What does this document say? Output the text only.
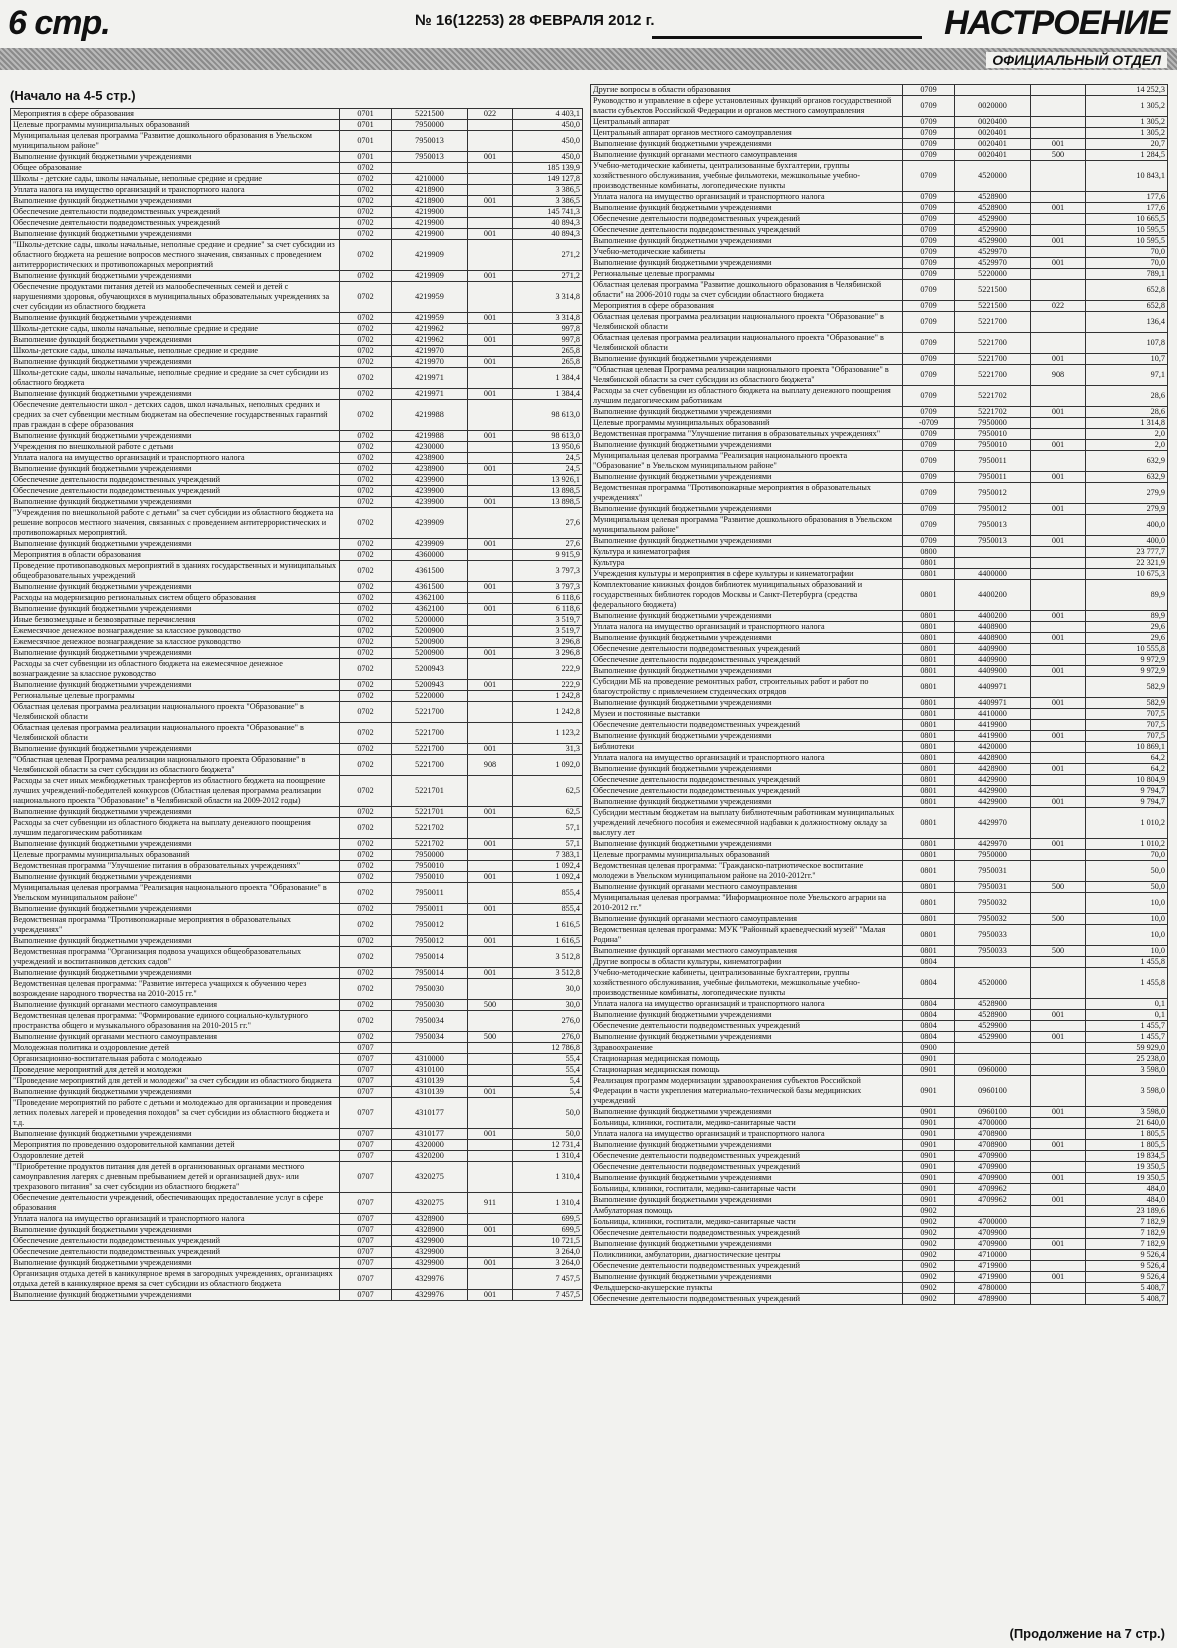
6 стр.	№ 16(12253) 28 ФЕВРАЛЯ 2012 г.	НАСТРОЕНИЕ
ОФИЦИАЛЬНЫЙ ОТДЕЛ
(Начало на 4-5 стр.)
Мероприятия в сфере образования	0701	5221500	022	4 403,1
Целевые программы муниципальных образований	0701	7950000		450,0
Муниципальная целевая программа "Развитие дошкольного образования в Увельском муниципальном районе"	0701	7950013		450,0
Выполнение функций бюджетными учреждениями	0701	7950013	001	450,0
Общее образование	0702			185 139,9
Школы - детские сады, школы начальные, неполные средние и средние	0702	4210000		149 127,8
Уплата налога на имущество организаций и транспортного налога	0702	4218900		3 386,5
Выполнение функций бюджетными учреждениями	0702	4218900	001	3 386,5
Обеспечение деятельности подведомственных учреждений	0702	4219900		145 741,3
Обеспечение деятельности подведомственных учреждений	0702	4219900		40 894,3
Выполнение функций бюджетными учреждениями	0702	4219900	001	40 894,3
"Школы-детские сады, школы начальные, неполные средние и средние" за счет субсидии из областного бюджета на решение вопросов местного значения, связанных с проведением антитеррористических и противопожарных мероприятий	0702	4219909		271,2
Выполнение функций бюджетными учреждениями	0702	4219909	001	271,2
Обеспечение продуктами питания детей из малообеспеченных семей и детей с нарушениями здоровья, обучающихся в муниципальных образовательных учреждениях за счет субсидии из областного бюджета	0702	4219959		3 314,8
Выполнение функций бюджетными учреждениями	0702	4219959	001	3 314,8
Школы-детские сады, школы начальные, неполные средние и средние	0702	4219962		997,8
Выполнение функций бюджетными учреждениями	0702	4219962	001	997,8
Школы-детские сады, школы начальные, неполные средние и средние	0702	4219970		265,8
Выполнение функций бюджетными учреждениями	0702	4219970	001	265,8
Школы-детские сады, школы начальные, неполные средние и средние за счет субсидии из областного бюджета	0702	4219971		1 384,4
Выполнение функций бюджетными учреждениями	0702	4219971	001	1 384,4
Обеспечение деятельности школ - детских садов, школ начальных, неполных средних и средних за счет субвенции местным бюджетам на обеспечение государственных гарантий прав граждан в сфере образования	0702	4219988		98 613,0
Выполнение функций бюджетными учреждениями	0702	4219988	001	98 613,0
Учреждения по внешкольной работе с детьми	0702	4230000		13 950,6
Уплата налога на имущество организаций и транспортного налога	0702	4238900		24,5
Выполнение функций бюджетными учреждениями	0702	4238900	001	24,5
Обеспечение деятельности подведомственных учреждений	0702	4239900		13 926,1
Обеспечение деятельности подведомственных учреждений	0702	4239900		13 898,5
Выполнение функций бюджетными учреждениями	0702	4239900	001	13 898,5
"Учреждения по внешкольной работе с детьми" за счет субсидии из областного бюджета на решение вопросов местного значения, связанных с проведением антитеррористических и противопожарных мероприятий.	0702	4239909		27,6
Выполнение функций бюджетными учреждениями	0702	4239909	001	27,6
Мероприятия в области образования	0702	4360000		9 915,9
Проведение противопаводковых мероприятий в зданиях государственных и муниципальных общеобразовательных учреждений	0702	4361500		3 797,3
Выполнение функций бюджетными учреждениями	0702	4361500	001	3 797,3
Расходы на модернизацию региональных систем общего образования	0702	4362100		6 118,6
Выполнение функций бюджетными учреждениями	0702	4362100	001	6 118,6
Иные безвозмездные и безвозвратные перечисления	0702	5200000		3 519,7
Ежемесячное денежное вознаграждение за классное руководство	0702	5200900		3 519,7
Ежемесячное денежное вознаграждение за классное руководство	0702	5200900		3 296,8
Выполнение функций бюджетными учреждениями	0702	5200900	001	3 296,8
Расходы за счет субвенции из областного бюджета на ежемесячное денежное вознаграждение за классное руководство	0702	5200943		222,9
Выполнение функций бюджетными учреждениями	0702	5200943	001	222,9
Региональные целевые программы	0702	5220000		1 242,8
Областная целевая программа реализации национального проекта "Образование" в Челябинской области	0702	5221700		1 242,8
Областная целевая программа реализации национального проекта "Образование" в Челябинской области	0702	5221700		1 123,2
Выполнение функций бюджетными учреждениями	0702	5221700	001	31,3
"Областная целевая Программа реализации национального проекта Образование" в Челябинской области за счет субсидии из областного бюджета"	0702	5221700	908	1 092,0
Расходы за счет иных межбюджетных трансфертов из областного бюджета на поощрение лучших учреждений-победителей конкурсов (Областная целевая программа реализации национального проекта "Образование" в Челябинской области на 2009-2012 годы)	0702	5221701		62,5
Выполнение функций бюджетными учреждениями	0702	5221701	001	62,5
Расходы за счет субвенции из областного бюджета на выплату денежного поощрения лучшим педагогическим работникам	0702	5221702		57,1
Выполнение функций бюджетными учреждениями	0702	5221702	001	57,1
Целевые программы муниципальных образований	0702	7950000		7 383,1
Ведомственная программа "Улучшение питания в образовательных учреждениях"	0702	7950010		1 092,4
Выполнение функций бюджетными учреждениями	0702	7950010	001	1 092,4
Муниципальная целевая программа "Реализация национального проекта "Образование" в Увельском муниципальном районе"	0702	7950011		855,4
Выполнение функций бюджетными учреждениями	0702	7950011	001	855,4
Ведомственная программа "Противопожарные мероприятия в образовательных учреждениях"	0702	7950012		1 616,5
Выполнение функций бюджетными учреждениями	0702	7950012	001	1 616,5
Ведомственная программа "Организация подвоза учащихся общеобразовательных учреждений и воспитанников детских садов"	0702	7950014		3 512,8
Выполнение функций бюджетными учреждениями	0702	7950014	001	3 512,8
Ведомственная целевая программа: "Развитие интереса учащихся к обучению через возрождение народного творчества на 2010-2015 гг."	0702	7950030		30,0
Выполнение функций органами местного самоуправления	0702	7950030	500	30,0
Ведомственная целевая программа: "Формирование единого социально-культурного пространства общего и музыкального образования на 2010-2015 гг."	0702	7950034		276,0
Выполнение функций органами местного самоуправления	0702	7950034	500	276,0
Молодежная политика и оздоровление детей	0707			12 786,8
Организационно-воспитательная работа с молодежью	0707	4310000		55,4
Проведение мероприятий для детей и молодежи	0707	4310100		55,4
"Проведение мероприятий для детей и молодежи" за счет субсидии из областного бюджета	0707	4310139		5,4
Выполнение функций бюджетными учреждениями	0707	4310139	001	5,4
"Проведение мероприятий по работе с детьми и молодежью для организации и проведения летних полевых лагерей и проведения походов" за счет субсидии из областного бюджета и т.д.	0707	4310177		50,0
Выполнение функций бюджетными учреждениями	0707	4310177	001	50,0
Мероприятия по проведению оздоровительной кампании детей	0707	4320000		12 731,4
Оздоровление детей	0707	4320200		1 310,4
"Приобретение продуктов питания для детей в организованных органами местного самоуправления лагерях с дневным пребыванием детей и организацией двух- или трехразового питания" за счет субсидии из областного бюджета"	0707	4320275		1 310,4
Обеспечение деятельности учреждений, обеспечивающих предоставление услуг в сфере образования	0707	4320275	911	1 310,4
Уплата налога на имущество организаций и транспортного налога	0707	4328900		699,5
Выполнение функций бюджетными учреждениями	0707	4328900	001	699,5
Обеспечение деятельности подведомственных учреждений	0707	4329900		10 721,5
Обеспечение деятельности подведомственных учреждений	0707	4329900		3 264,0
Выполнение функций бюджетными учреждениями	0707	4329900	001	3 264,0
Организация отдыха детей в каникулярное время в загородных учреждениях, организациях отдыха детей в каникулярное время за счет субсидии из областного бюджета	0707	4329976		7 457,5
Выполнение функций бюджетными учреждениями	0707	4329976	001	7 457,5
Другие вопросы в области образования	0709			14 252,3
Руководство и управление в сфере установленных функций органов государственной власти субъектов Российской Федерации и органов местного самоуправления	0709	0020000		1 305,2
Центральный аппарат	0709	0020400		1 305,2
Центральный аппарат органов местного самоуправления	0709	0020401		1 305,2
Выполнение функций бюджетными учреждениями	0709	0020401	001	20,7
Выполнение функций органами местного самоуправления	0709	0020401	500	1 284,5
Учебно-методические кабинеты, централизованные бухгалтерии, группы хозяйственного обслуживания, учебные фильмотеки, межшкольные учебно-производственные комбинаты, логопедические пункты	0709	4520000		10 843,1
Уплата налога на имущество организаций и транспортного налога	0709	4528900		177,6
Выполнение функций бюджетными учреждениями	0709	4528900	001	177,6
Обеспечение деятельности подведомственных учреждений	0709	4529900		10 665,5
Обеспечение деятельности подведомственных учреждений	0709	4529900		10 595,5
Выполнение функций бюджетными учреждениями	0709	4529900	001	10 595,5
Учебно-методические кабинеты	0709	4529970		70,0
Выполнение функций бюджетными учреждениями	0709	4529970	001	70,0
Региональные целевые программы	0709	5220000		789,1
Областная целевая программа "Развитие дошкольного образования в Челябинской области" на 2006-2010 годы за счет субсидии областного бюджета	0709	5221500		652,8
Мероприятия в сфере образования	0709	5221500	022	652,8
Областная целевая программа реализации национального проекта "Образование" в Челябинской области	0709	5221700		136,4
Областная целевая программа реализации национального проекта "Образование" в Челябинской области	0709	5221700		107,8
Выполнение функций бюджетными учреждениями	0709	5221700	001	10,7
"Областная целевая Программа реализации национального проекта "Образование" в Челябинской области за счет субсидии из областного бюджета"	0709	5221700	908	97,1
Расходы за счет субвенции из областного бюджета на выплату денежного поощрения лучшим педагогическим работникам	0709	5221702		28,6
Выполнение функций бюджетными учреждениями	0709	5221702	001	28,6
Целевые программы муниципальных образований	-0709	7950000		1 314,8
Ведомственная программа "Улучшение питания в образовательных учреждениях"	0709	7950010		2,0
Выполнение функций бюджетными учреждениями	0709	7950010	001	2,0
Муниципальная целевая программа "Реализация национального проекта "Образование" в Увельском муниципальном районе"	0709	7950011		632,9
Выполнение функций бюджетными учреждениями	0709	7950011	001	632,9
Ведомственная программа "Противопожарные мероприятия в образовательных учреждениях"	0709	7950012		279,9
Выполнение функций бюджетными учреждениями	0709	7950012	001	279,9
Муниципальная целевая программа "Развитие дошкольного образования в Увельском муниципальном районе"	0709	7950013		400,0
Выполнение функций бюджетными учреждениями	0709	7950013	001	400,0
Культура и кинематография	0800			23 777,7
Культура	0801			22 321,9
Учреждения культуры и мероприятия в сфере культуры и кинематографии	0801	4400000		10 675,3
Комплектование книжных фондов библиотек муниципальных образований и государственных библиотек городов Москвы и Санкт-Петербурга (средства федерального бюджета)	0801	4400200		89,9
Выполнение функций бюджетными учреждениями	0801	4400200	001	89,9
Уплата налога на имущество организаций и транспортного налога	0801	4408900		29,6
Выполнение функций бюджетными учреждениями	0801	4408900	001	29,6
Обеспечение деятельности подведомственных учреждений	0801	4409900		10 555,8
Обеспечение деятельности подведомственных учреждений	0801	4409900		9 972,9
Выполнение функций бюджетными учреждениями	0801	4409900	001	9 972,9
Субсидии МБ на проведение ремонтных работ, строительных работ и работ по благоустройству с привлечением студенческих отрядов	0801	4409971		582,9
Выполнение функций бюджетными учреждениями	0801	4409971	001	582,9
Музеи и постоянные выставки	0801	4410000		707,5
Обеспечение деятельности подведомственных учреждений	0801	4419900		707,5
Выполнение функций бюджетными учреждениями	0801	4419900	001	707,5
Библиотеки	0801	4420000		10 869,1
Уплата налога на имущество организаций и транспортного налога	0801	4428900		64,2
Выполнение функций бюджетными учреждениями	0801	4428900	001	64,2
Обеспечение деятельности подведомственных учреждений	0801	4429900		10 804,9
Обеспечение деятельности подведомственных учреждений	0801	4429900		9 794,7
Выполнение функций бюджетными учреждениями	0801	4429900	001	9 794,7
Субсидии местным бюджетам на выплату библиотечным работникам муниципальных учреждений лечебного пособия и ежемесячной надбавки к должностному окладу за выслугу лет	0801	4429970		1 010,2
Выполнение функций бюджетными учреждениями	0801	4429970	001	1 010,2
Целевые программы муниципальных образований	0801	7950000		70,0
Ведомственная целевая программа: "Гражданско-патриотическое воспитание молодежи в Увельском муниципальном районе на 2010-2012гг."	0801	7950031		50,0
Выполнение функций органами местного самоуправления	0801	7950031	500	50,0
Муниципальная целевая программа: "Информационное поле Увельского аграрии на 2010-2012 гг."	0801	7950032		10,0
Выполнение функций органами местного самоуправления	0801	7950032	500	10,0
Ведомственная целевая программа: МУК "Районный краеведческий музей" "Малая Родина"	0801	7950033		10,0
Выполнение функций органами местного самоуправления	0801	7950033	500	10,0
Другие вопросы в области культуры, кинематографии	0804			1 455,8
Учебно-методические кабинеты, централизованные бухгалтерии, группы хозяйственного обслуживания, учебные фильмотеки, межшкольные учебно-производственные комбинаты, логопедические пункты	0804	4520000		1 455,8
Уплата налога на имущество организаций и транспортного налога	0804	4528900		0,1
Выполнение функций бюджетными учреждениями	0804	4528900	001	0,1
Обеспечение деятельности подведомственных учреждений	0804	4529900		1 455,7
Выполнение функций бюджетными учреждениями	0804	4529900	001	1 455,7
Здравоохранение	0900			59 929,0
Стационарная медицинская помощь	0901			25 238,0
Стационарная медицинская помощь	0901	0960000		3 598,0
Реализация программ модернизации здравоохранения субъектов Российской Федерации в части укрепления материально-технической базы медицинских учреждений	0901	0960100		3 598,0
Выполнение функций бюджетными учреждениями	0901	0960100	001	3 598,0
Больницы, клиники, госпитали, медико-санитарные части	0901	4700000		21 640,0
Уплата налога на имущество организаций и транспортного налога	0901	4708900		1 805,5
Выполнение функций бюджетными учреждениями	0901	4708900	001	1 805,5
Обеспечение деятельности подведомственных учреждений	0901	4709900		19 834,5
Обеспечение деятельности подведомственных учреждений	0901	4709900		19 350,5
Выполнение функций бюджетными учреждениями	0901	4709900	001	19 350,5
Больницы, клиники, госпитали, медико-санитарные части	0901	4709962		484,0
Выполнение функций бюджетными учреждениями	0901	4709962	001	484,0
Амбулаторная помощь	0902			23 189,6
Больницы, клиники, госпитали, медико-санитарные части	0902	4700000		7 182,9
Обеспечение деятельности подведомственных учреждений	0902	4709900		7 182,9
Выполнение функций бюджетными учреждениями	0902	4709900	001	7 182,9
Поликлиники, амбулатории, диагностические центры	0902	4710000		9 526,4
Обеспечение деятельности подведомственных учреждений	0902	4719900		9 526,4
Выполнение функций бюджетными учреждениями	0902	4719900	001	9 526,4
Фельдшерско-акушерские пункты	0902	4780000		5 408,7
Обеспечение деятельности подведомственных учреждений	0902	4789900		5 408,7
(Продолжение на 7 стр.)
